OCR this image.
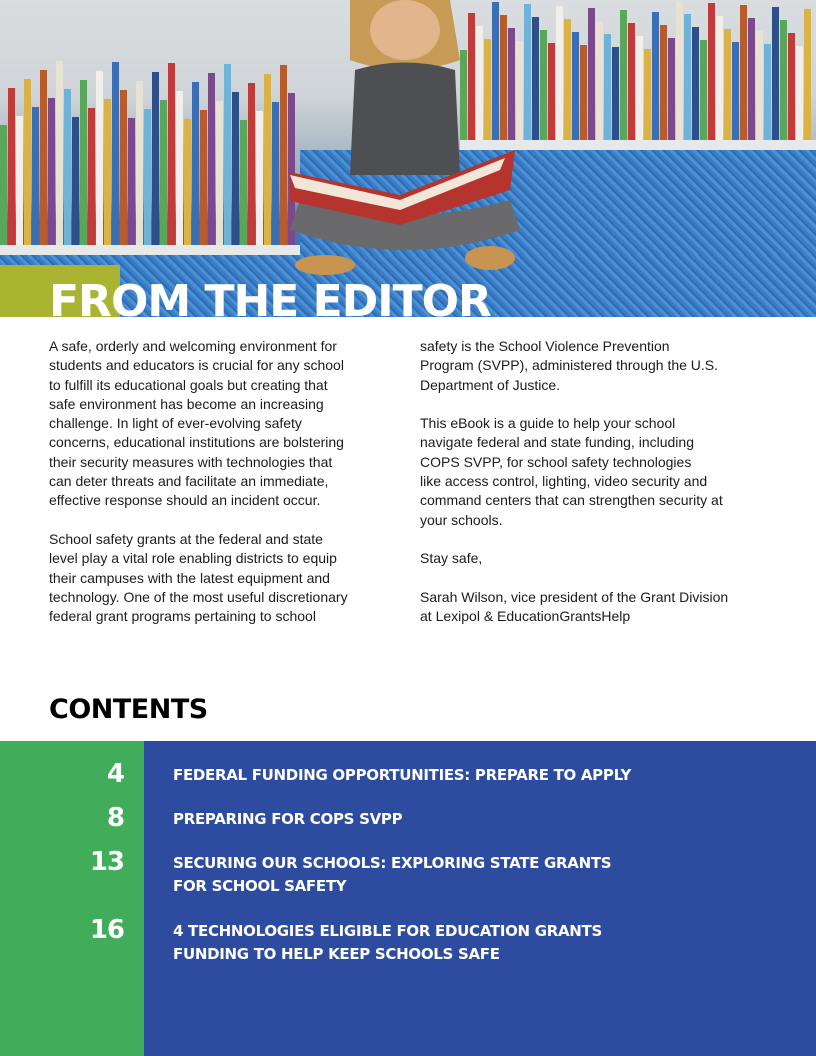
FROM THE EDITOR

A safe, orderly and welcoming environment for
students and educators is crucial for any school
to fulfill its educational goals but creating that
safe environment has become an increasing
challenge. In light of ever-evolving safety
concerns, educational institutions are bolstering
their security measures with technologies that
can deter threats and facilitate an immediate,
effective response should an incident occur.

School safety grants at the federal and state
level play a vital role enabling districts to equip
their campuses with the latest equipment and
technology. One of the most useful discretionary
federal grant programs pertaining to school

safety is the School Violence Prevention
Program (SVPP), administered through the U.S.
Department of Justice.

This eBook is a guide to help your school
navigate federal and state funding, including
COPS SVPP, for school safety technologies
like access control, lighting, video security and
command centers that can strengthen security at
your schools.

Stay safe,

Sarah Wilson, vice president of the Grant Division
at Lexipol & EducationGrantsHelp

CONTENTS
4	FEDERAL FUNDING OPPORTUNITIES: PREPARE TO APPLY
8	PREPARING FOR COPS SVPP
13	SECURING OUR SCHOOLS: EXPLORING STATE GRANTS
FOR SCHOOL SAFETY
16	4 TECHNOLOGIES ELIGIBLE FOR EDUCATION GRANTS
FUNDING TO HELP KEEP SCHOOLS SAFE
